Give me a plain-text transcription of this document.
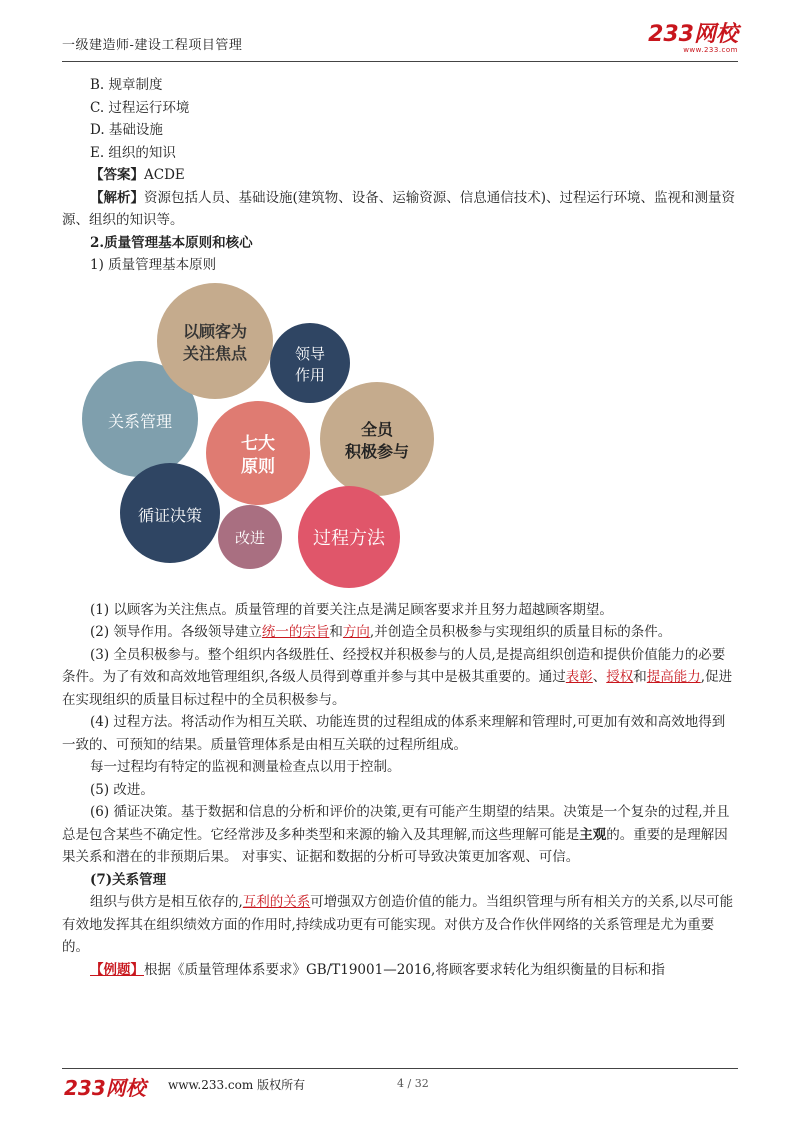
一级建造师-建设工程项目管理	233网校
www.233.com

B. 规章制度

C. 过程运行环境

D. 基础设施

E. 组织的知识

【答案】ACDE

【解析】资源包括人员、基础设施(建筑物、设备、运输资源、信息通信技术)、过程运行环境、监视和测量资源、组织的知识等。

2.质量管理基本原则和核心

1) 质量管理基本原则

关系管理
以顾客为
关注焦点	领导
作用
循证决策
七大
原则
改进
全员
积极参与
过程方法

(1) 以顾客为关注焦点。质量管理的首要关注点是满足顾客要求并且努力超越顾客期望。

(2) 领导作用。各级领导建立统一的宗旨和方向,并创造全员积极参与实现组织的质量目标的条件。

(3) 全员积极参与。整个组织内各级胜任、经授权并积极参与的人员,是提高组织创造和提供价值能力的必要条件。为了有效和高效地管理组织,各级人员得到尊重并参与其中是极其重要的。通过表彰、授权和提高能力,促进在实现组织的质量目标过程中的全员积极参与。

(4) 过程方法。将活动作为相互关联、功能连贯的过程组成的体系来理解和管理时,可更加有效和高效地得到一致的、可预知的结果。质量管理体系是由相互关联的过程所组成。

每一过程均有特定的监视和测量检查点以用于控制。

(5) 改进。

(6) 循证决策。基于数据和信息的分析和评价的决策,更有可能产生期望的结果。决策是一个复杂的过程,并且总是包含某些不确定性。它经常涉及多种类型和来源的输入及其理解,而这些理解可能是主观的。重要的是理解因果关系和潜在的非预期后果。 对事实、证据和数据的分析可导致决策更加客观、可信。

(7)关系管理

组织与供方是相互依存的,互利的关系可增强双方创造价值的能力。当组织管理与所有相关方的关系,以尽可能有效地发挥其在组织绩效方面的作用时,持续成功更有可能实现。对供方及合作伙伴网络的关系管理是尤为重要的。

【例题】根据《质量管理体系要求》GB/T19001—2016,将顾客要求转化为组织衡量的目标和指

233网校 www.233.com 版权所有	4 / 32
